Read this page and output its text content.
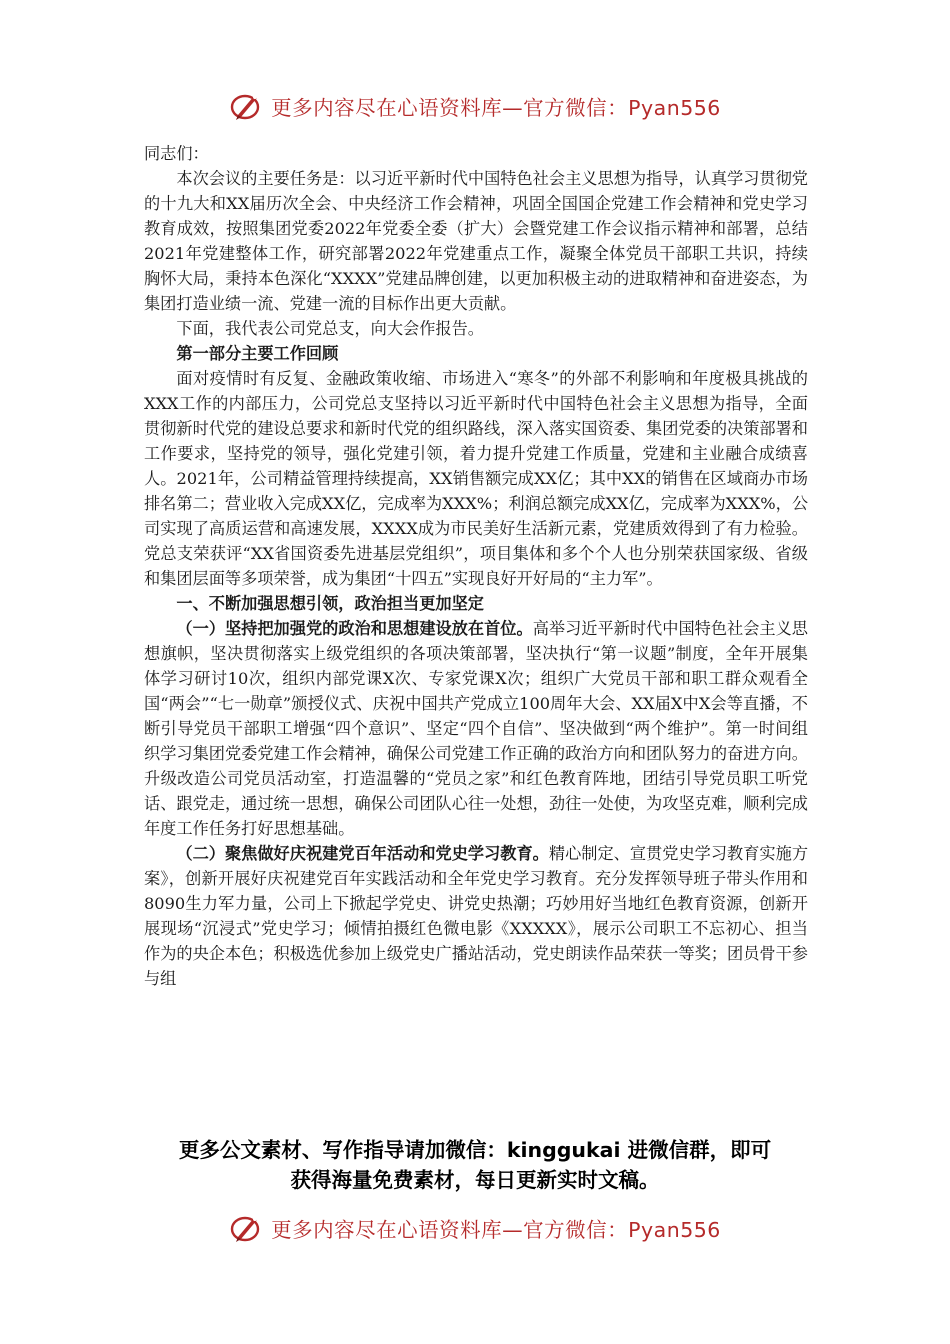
更多内容尽在心语资料库—官方微信：Pyan556

同志们：

本次会议的主要任务是：以习近平新时代中国特色社会主义思想为指导，认真学习贯彻党的十九大和XX届历次全会、中央经济工作会精神，巩固全国国企党建工作会精神和党史学习教育成效，按照集团党委2022年党委全委（扩大）会暨党建工作会议指示精神和部署，总结2021年党建整体工作，研究部署2022年党建重点工作，凝聚全体党员干部职工共识，持续胸怀大局，秉持本色深化“XXXX”党建品牌创建，以更加积极主动的进取精神和奋进姿态，为集团打造业绩一流、党建一流的目标作出更大贡献。

下面，我代表公司党总支，向大会作报告。

第一部分主要工作回顾

面对疫情时有反复、金融政策收缩、市场进入“寒冬”的外部不利影响和年度极具挑战的XXX工作的内部压力，公司党总支坚持以习近平新时代中国特色社会主义思想为指导，全面贯彻新时代党的建设总要求和新时代党的组织路线，深入落实国资委、集团党委的决策部署和工作要求，坚持党的领导，强化党建引领，着力提升党建工作质量，党建和主业融合成绩喜人。2021年，公司精益管理持续提高，XX销售额完成XX亿；其中XX的销售在区域商办市场排名第二；营业收入完成XX亿，完成率为XXX%；利润总额完成XX亿，完成率为XXX%，公司实现了高质运营和高速发展，XXXX成为市民美好生活新元素，党建质效得到了有力检验。党总支荣获评“XX省国资委先进基层党组织”，项目集体和多个个人也分别荣获国家级、省级和集团层面等多项荣誉，成为集团“十四五”实现良好开好局的“主力军”。

一、不断加强思想引领，政治担当更加坚定

（一）坚持把加强党的政治和思想建设放在首位。高举习近平新时代中国特色社会主义思想旗帜，坚决贯彻落实上级党组织的各项决策部署，坚决执行“第一议题”制度，全年开展集体学习研讨10次，组织内部党课X次、专家党课X次；组织广大党员干部和职工群众观看全国“两会”“七一勋章”颁授仪式、庆祝中国共产党成立100周年大会、XX届X中X会等直播，不断引导党员干部职工增强“四个意识”、坚定“四个自信”、坚决做到“两个维护”。第一时间组织学习集团党委党建工作会精神，确保公司党建工作正确的政治方向和团队努力的奋进方向。升级改造公司党员活动室，打造温馨的“党员之家”和红色教育阵地，团结引导党员职工听党话、跟党走，通过统一思想，确保公司团队心往一处想，劲往一处使，为攻坚克难，顺利完成年度工作任务打好思想基础。

（二）聚焦做好庆祝建党百年活动和党史学习教育。精心制定、宣贯党史学习教育实施方案》，创新开展好庆祝建党百年实践活动和全年党史学习教育。充分发挥领导班子带头作用和8090生力军力量，公司上下掀起学党史、讲党史热潮；巧妙用好当地红色教育资源，创新开展现场“沉浸式”党史学习；倾情拍摄红色微电影《XXXXX》，展示公司职工不忘初心、担当作为的央企本色；积极选优参加上级党史广播站活动，党史朗读作品荣获一等奖；团员骨干参与组

更多公文素材、写作指导请加微信：kinggukai 进微信群，即可
获得海量免费素材，每日更新实时文稿。
更多内容尽在心语资料库—官方微信：Pyan556
